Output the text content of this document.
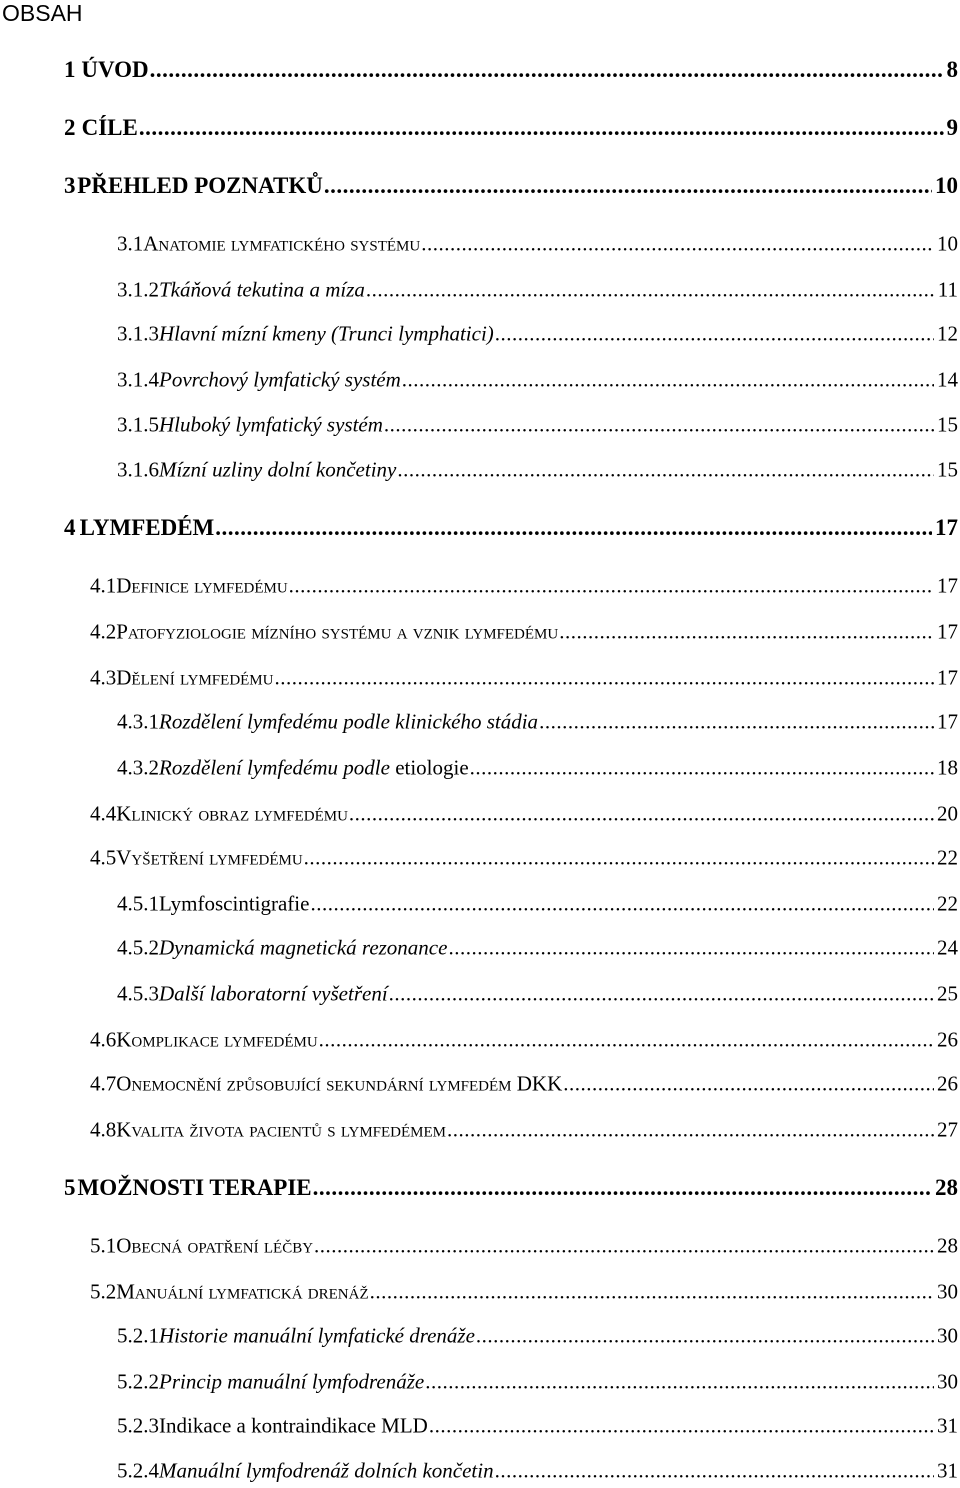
OBSAH
1 ÚVOD .....	8
2 CÍLE .....	9
3 PŘEHLED POZNATKŮ .....	10
3.1 Anatomie lymfatického systému .....	10
3.1.2 Tkáňová tekutina a míza .....	11
3.1.3 Hlavní mízní kmeny (Trunci lymphatici) .....	12
3.1.4 Povrchový lymfatický systém .....	14
3.1.5 Hluboký lymfatický systém .....	15
3.1.6 Mízní uzliny dolní končetiny .....	15
4 LYMFEDÉM .....	17
4.1 Definice lymfedému .....	17
4.2 Patofyziologie mízního systému a vznik lymfedému .....	17
4.3 Dělení lymfedému .....	17
4.3.1 Rozdělení lymfedému podle klinického stádia .....	17
4.3.2 Rozdělení lymfedému podle etiologie .....	18
4.4 Klinický obraz lymfedému .....	20
4.5 Vyšetření lymfedému .....	22
4.5.1 Lymfoscintigrafie .....	22
4.5.2 Dynamická magnetická rezonance .....	24
4.5.3 Další laboratorní vyšetření .....	25
4.6 Komplikace lymfedému .....	26
4.7 Onemocnění způsobující sekundární lymfedém DKK .....	26
4.8 Kvalita života pacientů s lymfedémem .....	27
5 MOŽNOSTI TERAPIE .....	28
5.1 Obecná opatření léčby .....	28
5.2 Manuální lymfatická drenáž .....	30
5.2.1 Historie manuální lymfatické drenáže .....	30
5.2.2 Princip manuální lymfodrenáže .....	30
5.2.3 Indikace a kontraindikace MLD .....	31
5.2.4 Manuální lymfodrenáž dolních končetin .....	31
